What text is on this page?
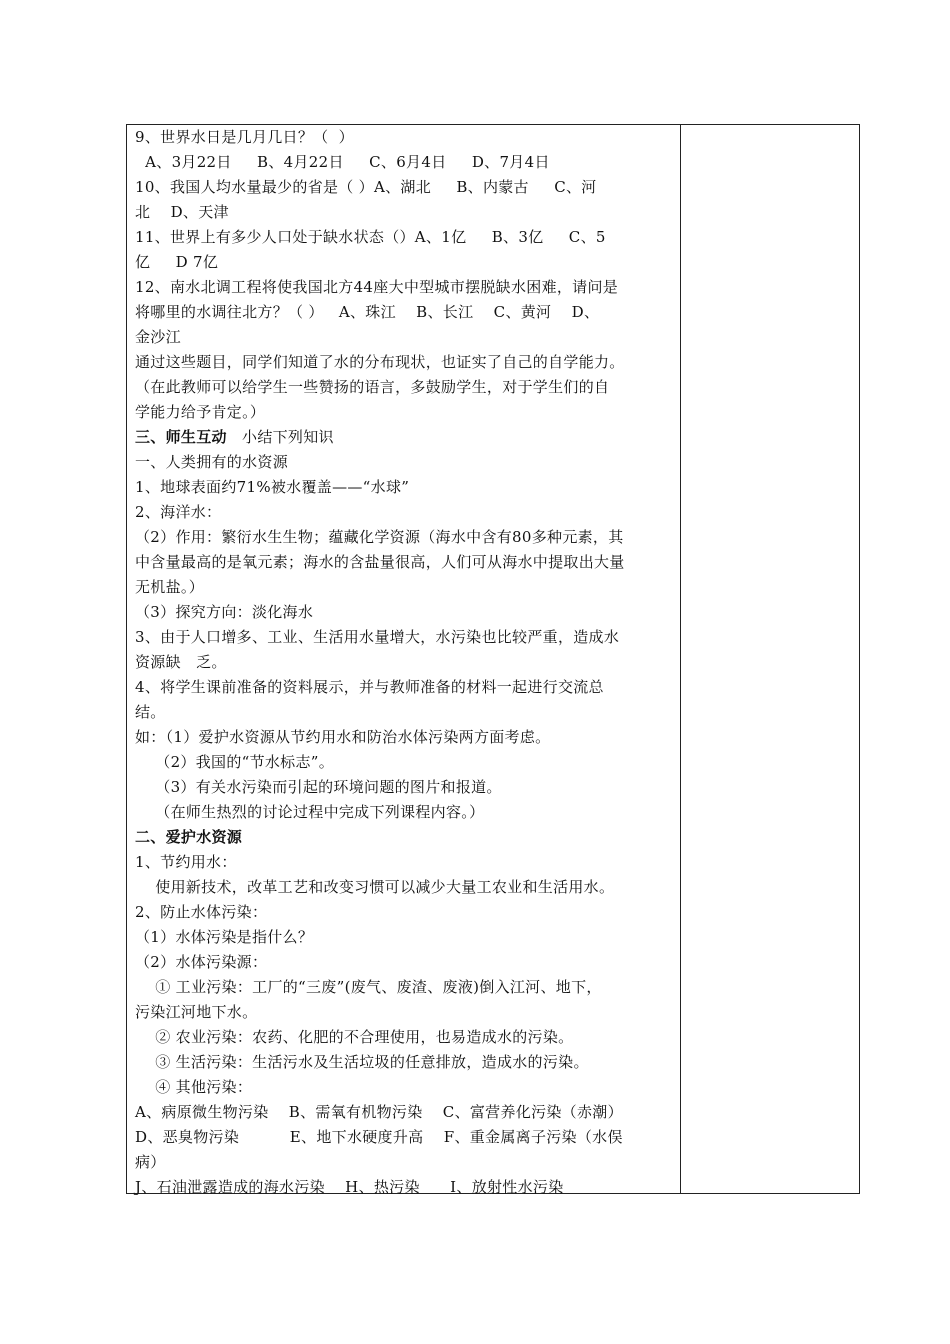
9、世界水日是几月几日？（  ）
A、3月22日     B、4月22日     C、6月4日     D、7月4日
10、我国人均水量最少的省是（ ）A、湖北     B、内蒙古     C、河
北    D、天津
11、世界上有多少人口处于缺水状态（）A、1亿     B、3亿     C、5
亿     D 7亿
12、南水北调工程将使我国北方44座大中型城市摆脱缺水困难，请问是
将哪里的水调往北方？（ ）   A、珠江    B、长江    C、黄河    D、
金沙江
通过这些题目，同学们知道了水的分布现状，也证实了自己的自学能力。
（在此教师可以给学生一些赞扬的语言，多鼓励学生，对于学生们的自
学能力给予肯定。）
三、师生互动   小结下列知识
一、人类拥有的水资源
1、地球表面约71%被水覆盖——“水球”
2、海洋水：
（2）作用：繁衍水生生物；蕴藏化学资源（海水中含有80多种元素，其
中含量最高的是氧元素；海水的含盐量很高，人们可从海水中提取出大量
无机盐。）
（3）探究方向：淡化海水
3、由于人口增多、工业、生活用水量增大，水污染也比较严重，造成水
资源缺   乏。
4、将学生课前准备的资料展示，并与教师准备的材料一起进行交流总
结。
如：（1）爱护水资源从节约用水和防治水体污染两方面考虑。
（2）我国的“节水标志”。
（3）有关水污染而引起的环境问题的图片和报道。
（在师生热烈的讨论过程中完成下列课程内容。）
二、爱护水资源
1、节约用水：
使用新技术，改革工艺和改变习惯可以减少大量工农业和生活用水。
2、防止水体污染：
（1）水体污染是指什么？
（2）水体污染源：
① 工业污染：工厂的“三废”(废气、废渣、废液)倒入江河、地下，
污染江河地下水。
② 农业污染：农药、化肥的不合理使用，也易造成水的污染。
③ 生活污染：生活污水及生活垃圾的任意排放，造成水的污染。
④ 其他污染：
A、病原微生物污染    B、需氧有机物污染    C、富营养化污染（赤潮）
D、恶臭物污染          E、地下水硬度升高    F、重金属离子污染（水俣
病）
J、石油泄露造成的海水污染    H、热污染      I、放射性水污染
